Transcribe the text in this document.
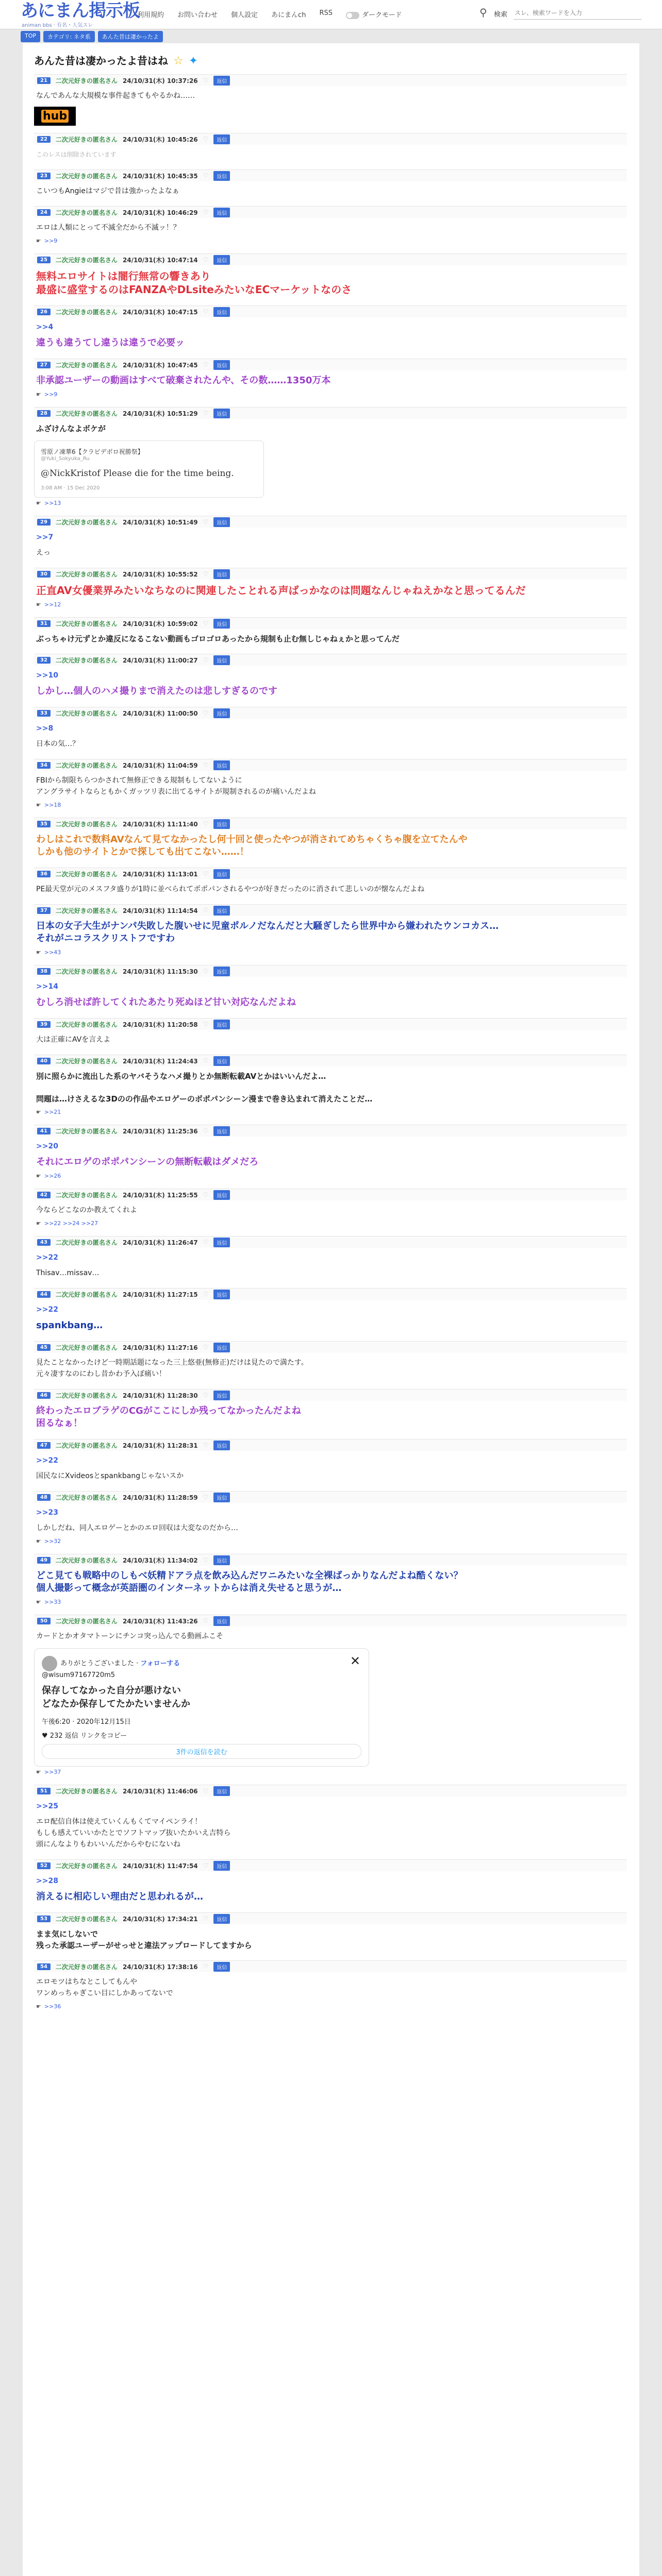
あにまん掲示板
animan bbs · 有名・人気スレ
利用規約 お問い合わせ 個人設定 あにまんch RSS	ダークモード	⚲ 検索
スレ、検索ワードを入力
TOP	カテゴリ: ネタ系	あんた昔は凄かったよ
あんた昔は凄かったよ昔はね ☆ ✦
21	二次元好きの匿名さん 24/10/31(木) 10:37:26 ♡	返信
なんであんな大規模な事件起きてもやるかね……
hub
22	二次元好きの匿名さん 24/10/31(木) 10:45:26 ♡	返信
このレスは削除されています
23	二次元好きの匿名さん 24/10/31(木) 10:45:35 ♡	返信
こいつもAngieはマジで昔は強かったよなぁ
24	二次元好きの匿名さん 24/10/31(木) 10:46:29 ♡	返信
エロは人類にとって不滅全だから不滅ッ！？
☛ >>9
25	二次元好きの匿名さん 24/10/31(木) 10:47:14 ♡	返信
無料エロサイトは闇行無常の響きあり
最盛に盛堂するのはFANZAやDLsiteみたいなECマーケットなのさ
26	二次元好きの匿名さん 24/10/31(木) 10:47:15 ♡	返信
>>4
違うも違うてし違うは違うで必要ッ
27	二次元好きの匿名さん 24/10/31(木) 10:47:45 ♡	返信
非承認ユーザーの動画はすべて破棄されたんや、その数……1350万本
☛ >>9
28	二次元好きの匿名さん 24/10/31(木) 10:51:29 ♡	返信
ふざけんなよボケが
雪原ノ凍華6【クラピデボロ祝勝祭】
@Yuki_Sokyuka_Ru
@NickKristof Please die for the time being.
3:08 AM · 15 Dec 2020
☛ >>13
29	二次元好きの匿名さん 24/10/31(木) 10:51:49 ♡	返信
>>7
えっ
30	二次元好きの匿名さん 24/10/31(木) 10:55:52 ♡	返信
正直AV女優業界みたいなちなのに関連したことれる声ばっかなのは問題なんじゃねえかなと思ってるんだ
☛ >>12
31	二次元好きの匿名さん 24/10/31(木) 10:59:02 ♡	返信
ぶっちゃけ元ずとか違反になるこない動画もゴロゴロあったから規制も止む無しじゃねぇかと思ってんだ
32	二次元好きの匿名さん 24/10/31(木) 11:00:27 ♡	返信
>>10
しかし…個人のハメ撮りまで消えたのは悲しすぎるのです
33	二次元好きの匿名さん 24/10/31(木) 11:00:50 ♡	返信
>>8
日本の気…？
34	二次元好きの匿名さん 24/10/31(木) 11:04:59 ♡	返信
FBIから制限ちらつかされて無修正できる規制もしてないように
アングラサイトならともかくガッツリ表に出てるサイトが規制されるのが痛いんだよね
☛ >>18
35	二次元好きの匿名さん 24/10/31(木) 11:11:40 ♡	返信
わしはこれで数料AVなんて見てなかったし何十回と使ったやつが消されてめちゃくちゃ腹を立てたんや
しかも他のサイトとかで探しても出てこない……！
36	二次元好きの匿名さん 24/10/31(木) 11:13:01 ♡	返信
PE最天堂が元のメスフタ盛りが1時に並べられてポポパンされるやつが好きだったのに消されて悲しいのが懐なんだよね
37	二次元好きの匿名さん 24/10/31(木) 11:14:54 ♡	返信
日本の女子大生がナンパ失敗した腹いせに児童ポルノだなんだと大騒ぎしたら世界中から嫌われたウンコカス…
それがニコラスクリストフですわ
☛ >>43
38	二次元好きの匿名さん 24/10/31(木) 11:15:30 ♡	返信
>>14
むしろ消せば許してくれたあたり死ぬほど甘い対応なんだよね
39	二次元好きの匿名さん 24/10/31(木) 11:20:58 ♡	返信
大は正確にAVを言えよ
40	二次元好きの匿名さん 24/10/31(木) 11:24:43 ♡	返信
別に照らかに流出した系のヤバそうなハメ撮りとか無断転載AVとかはいいんだよ…

問題は…けさえるな3Dのの作品やエロゲーのボポパンシーン漫まで巻き込まれて消えたことだ…
☛ >>21
41	二次元好きの匿名さん 24/10/31(木) 11:25:36 ♡	返信
>>20
それにエロゲのポポパンシーンの無断転載はダメだろ
☛ >>26
42	二次元好きの匿名さん 24/10/31(木) 11:25:55 ♡	返信
今ならどこなのか教えてくれよ
☛ >>22 >>24 >>27
43	二次元好きの匿名さん 24/10/31(木) 11:26:47 ♡	返信
>>22
Thisav…missav…
44	二次元好きの匿名さん 24/10/31(木) 11:27:15 ♡	返信
>>22
spankbang…
45	二次元好きの匿名さん 24/10/31(木) 11:27:16 ♡	返信
見たことなかったけど一時期話題になった三上悠亜(無修正)だけは見たので満たす。
元々凄すなのにわし昔かわ予入ぼ痛い！
46	二次元好きの匿名さん 24/10/31(木) 11:28:30 ♡	返信
終わったエロブラゲのCGがここにしか残ってなかったんだよね
困るなぁ！
47	二次元好きの匿名さん 24/10/31(木) 11:28:31 ♡	返信
>>22
国民なにXvideosとspankbangじゃないスか
48	二次元好きの匿名さん 24/10/31(木) 11:28:59 ♡	返信
>>23
しかしだね、同人エロゲーとかのエロ回収は大変なのだから…
☛ >>32
49	二次元好きの匿名さん 24/10/31(木) 11:34:02 ♡	返信
どこ見ても戦略中のしもべ妖精ドアラ点を飲み込んだワニみたいな全裸ばっかりなんだよね酷くない？
個人撮影って概念が英語圏のインターネットからは消え失せると思うが…
☛ >>33
50	二次元好きの匿名さん 24/10/31(木) 11:43:26 ♡	返信
カードとかオタマトーンにチンコ突っ込んでる動画ふこそ
✕
ありがとうございました · フォローする
@wisum97167720m5
保存してなかった自分が悪けない
どなたか保存してたかたいませんか
午後6:20 · 2020年12月15日
♥ 232 返信 リンクをコピー
3件の返信を読む
☛ >>37
51	二次元好きの匿名さん 24/10/31(木) 11:46:06 ♡	返信
>>25
エロ配信自体は使えていくんもくてマイペンライ！
もしも感えていいかたとでソフトマップ抜いたかいえ吉特ら
頭にんなよりもわいいんだからやむにないね
52	二次元好きの匿名さん 24/10/31(木) 11:47:54 ♡	返信
>>28
消えるに相応しい理由だと思われるが…
53	二次元好きの匿名さん 24/10/31(木) 17:34:21 ♡	返信
まま気にしないで
残った承認ユーザーがせっせと違法アップロードしてますから
54	二次元好きの匿名さん 24/10/31(木) 17:38:16 ♡	返信
エロモツはちなとこしてもんや
ワンめっちゃぎこい目にしかあってないで
☛ >>36
